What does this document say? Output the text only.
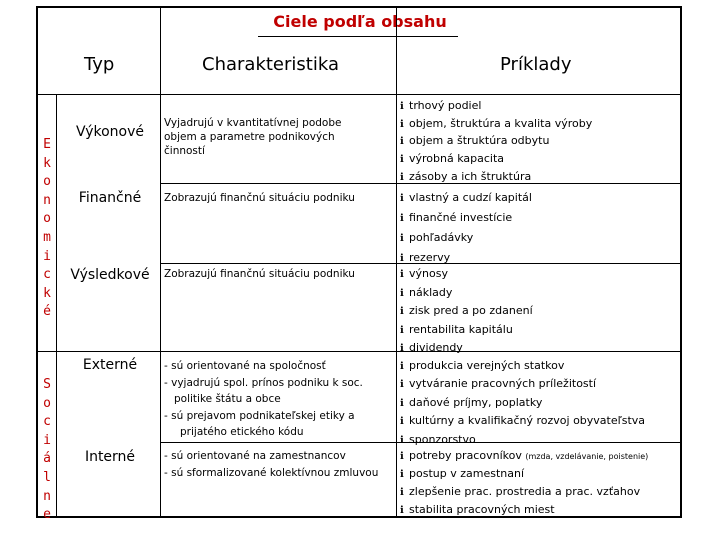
Ciele podľa obsahu
Typ	Charakteristika	Príklady
E
k
o
n
o
m
i
c
k
é
S
o
c
i
á
l
n
e
Výkonové
Finančné
Výsledkové
Externé
Interné
Vyjadrujú v kvantitatívnej podobe
objem a parametre podnikových
činností
Zobrazujú finančnú situáciu podniku
Zobrazujú finančnú situáciu podniku
- sú orientované na spoločnosť
- vyjadrujú spol. prínos podniku k soc.
politike štátu a obce
- sú prejavom podnikateľskej etiky a
prijatého etického kódu
- sú orientované na zamestnancov
- sú sformalizované kolektívnou zmluvou
ℹ trhový podiel
ℹ objem, štruktúra a kvalita výroby
ℹ objem a štruktúra odbytu
ℹ výrobná kapacita
ℹ zásoby a ich štruktúra
ℹ vlastný a cudzí kapitál
ℹ finančné investície
ℹ pohľadávky
ℹ rezervy
ℹ výnosy
ℹ náklady
ℹ zisk pred a po zdanení
ℹ rentabilita kapitálu
ℹ dividendy
ℹ produkcia verejných statkov
ℹ vytváranie pracovných príležitostí
ℹ daňové príjmy, poplatky
ℹ kultúrny a kvalifikačný rozvoj obyvateľstva
ℹ sponzorstvo
ℹ potreby pracovníkov (mzda, vzdelávanie, poistenie)
ℹ postup v zamestnaní
ℹ zlepšenie prac. prostredia a prac. vzťahov
ℹ stabilita pracovných miest
